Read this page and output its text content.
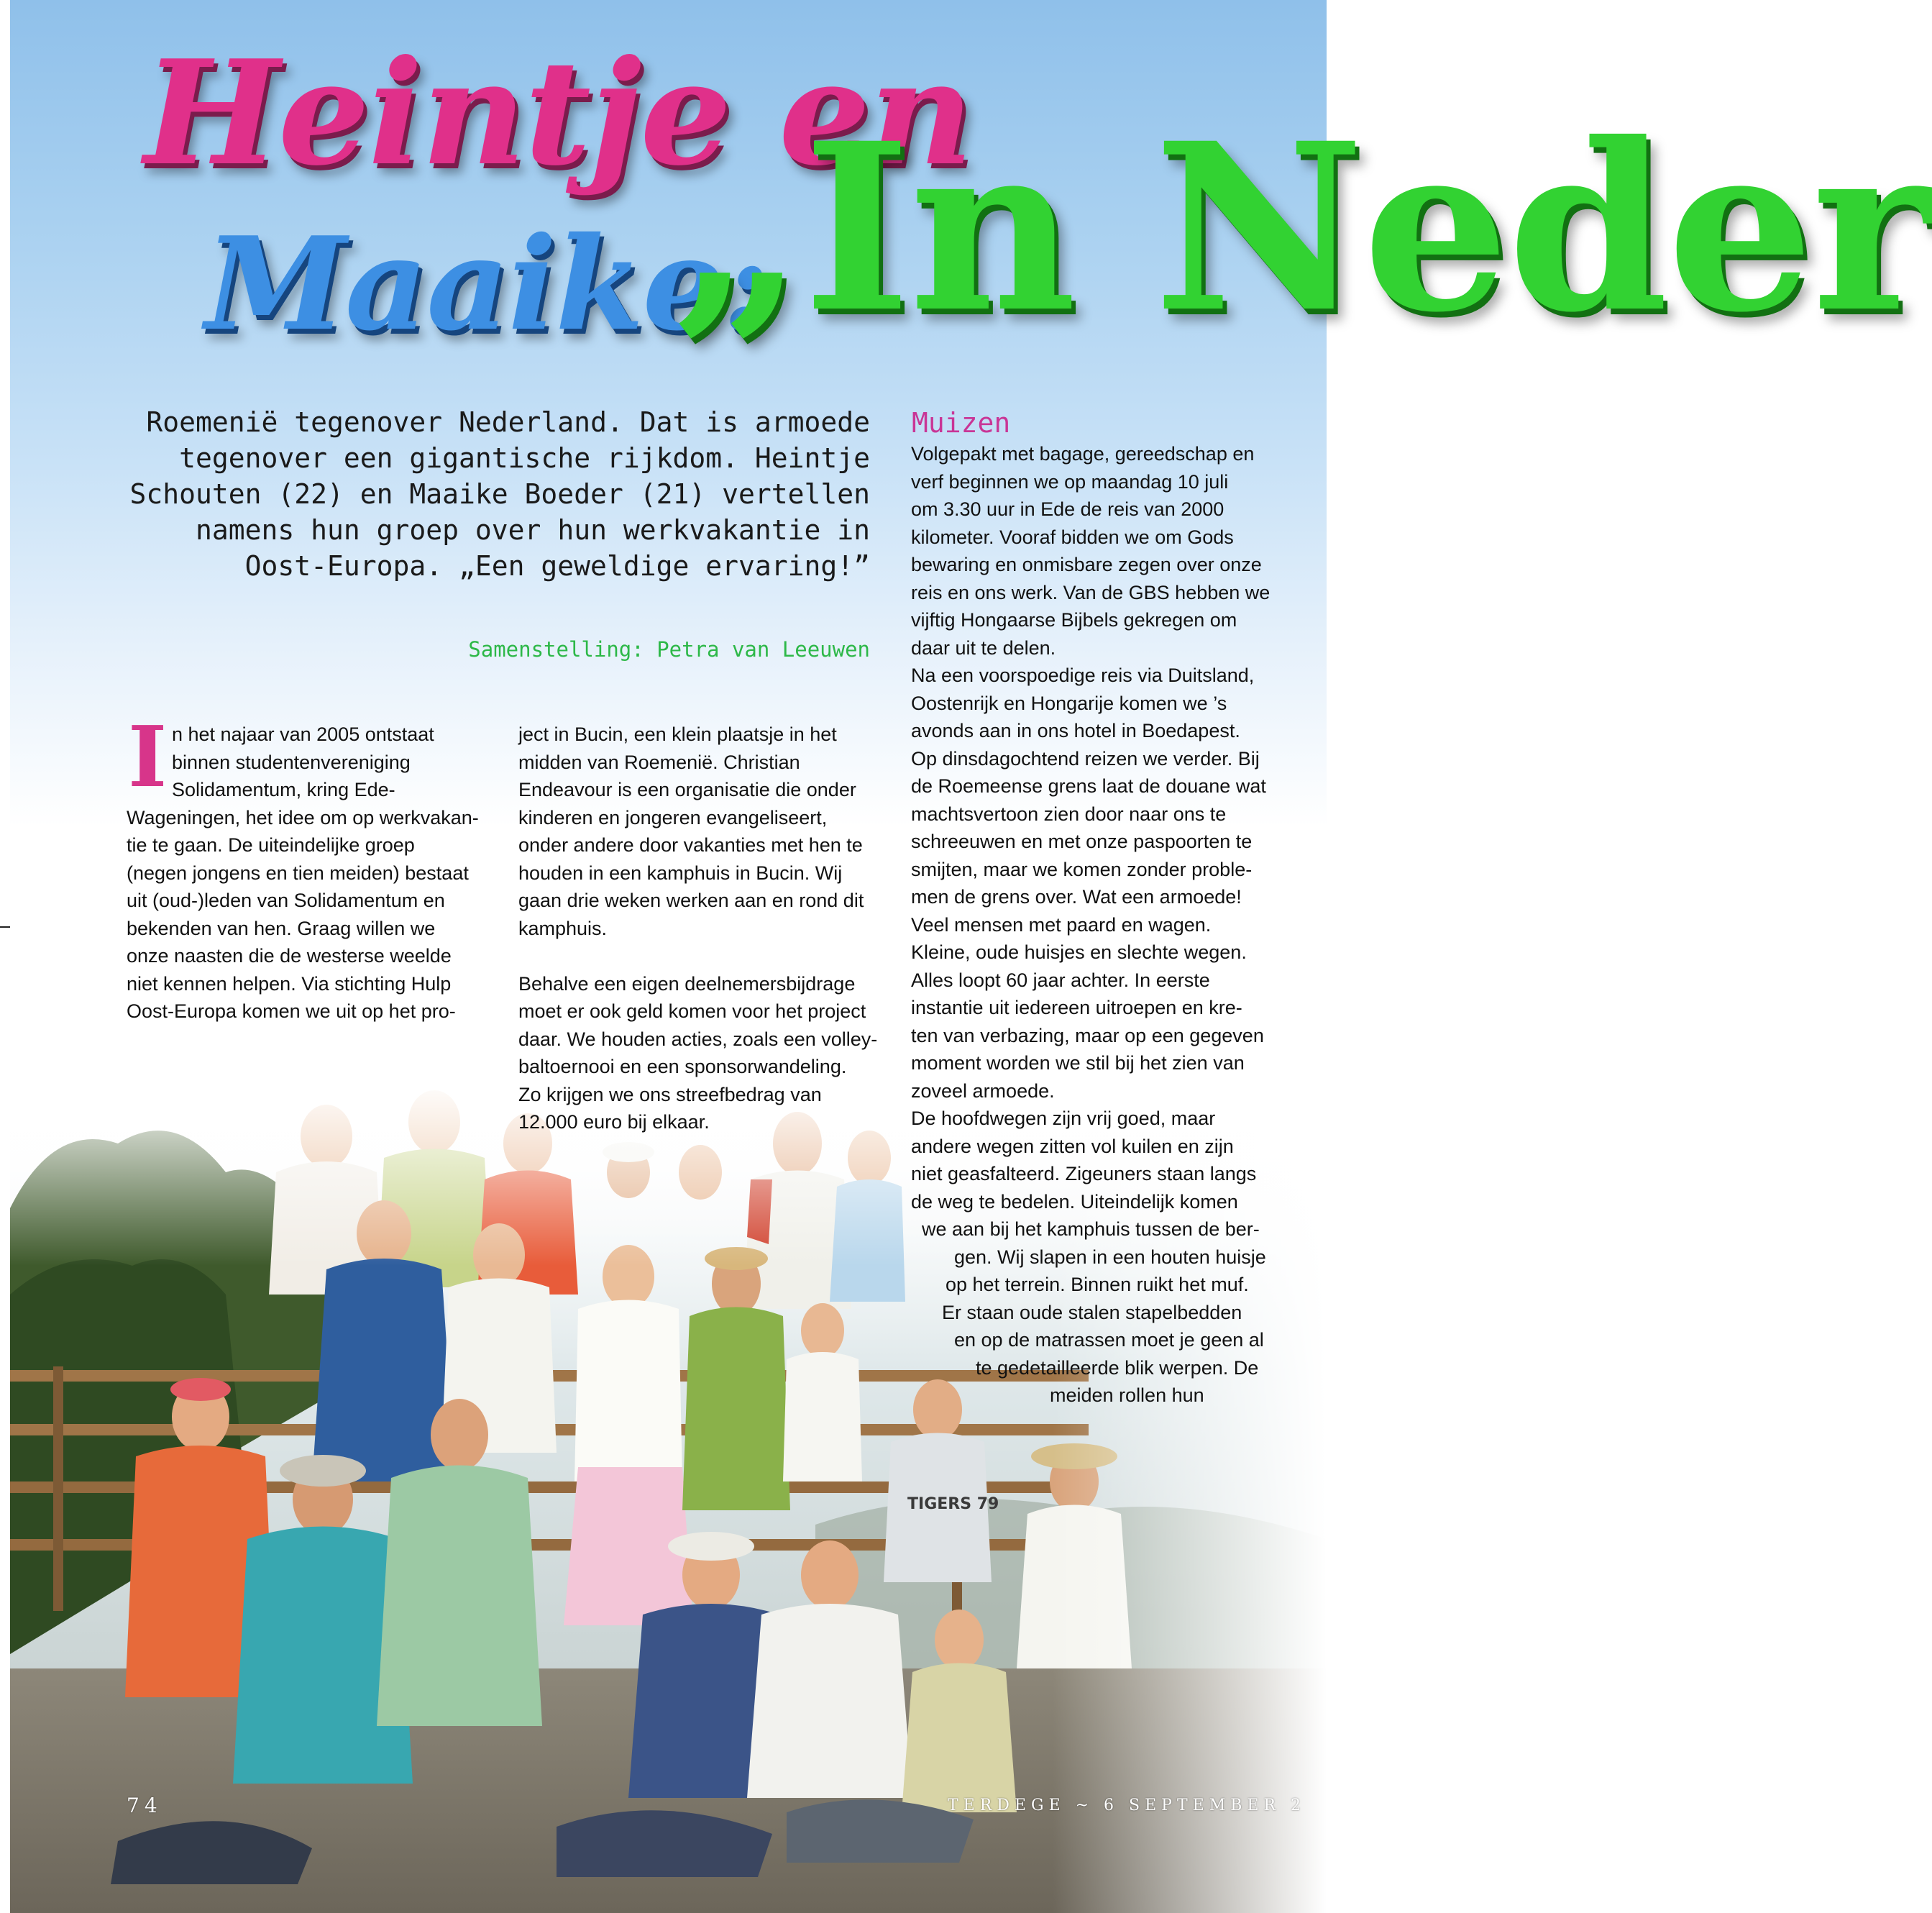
TIGERS 79
Heintje en
Maaike:
„In Neder
Roemenië tegenover Nederland. Dat is armoede
tegenover een gigantische rijkdom. Heintje
Schouten (22) en Maaike Boeder (21) vertellen
namens hun groep over hun werkvakantie in
Oost-Europa. „Een geweldige ervaring!”
Samenstelling: Petra van Leeuwen
I n het najaar van 2005 ontstaat
binnen studentenvereniging
Solidamentum, kring Ede-
Wageningen, het idee om op werkvakan-
tie te gaan. De uiteindelijke groep
(negen jongens en tien meiden) bestaat
uit (oud-)leden van Solidamentum en
bekenden van hen. Graag willen we
onze naasten die de westerse weelde
niet kennen helpen. Via stichting Hulp
Oost-Europa komen we uit op het pro-
ject in Bucin, een klein plaatsje in het
midden van Roemenië. Christian
Endeavour is een organisatie die onder
kinderen en jongeren evangeliseert,
onder andere door vakanties met hen te
houden in een kamphuis in Bucin. Wij
gaan drie weken werken aan en rond dit
kamphuis.
Behalve een eigen deelnemersbijdrage
moet er ook geld komen voor het project
daar. We houden acties, zoals een volley-
baltoernooi en een sponsorwandeling.
Zo krijgen we ons streefbedrag van
12.000 euro bij elkaar.
Muizen
Volgepakt met bagage, gereedschap en
verf beginnen we op maandag 10 juli
om 3.30 uur in Ede de reis van 2000
kilometer. Vooraf bidden we om Gods
bewaring en onmisbare zegen over onze
reis en ons werk. Van de GBS hebben we
vijftig Hongaarse Bijbels gekregen om
daar uit te delen.
Na een voorspoedige reis via Duitsland,
Oostenrijk en Hongarije komen we ’s
avonds aan in ons hotel in Boedapest.
Op dinsdagochtend reizen we verder. Bij
de Roemeense grens laat de douane wat
machtsvertoon zien door naar ons te
schreeuwen en met onze paspoorten te
smijten, maar we komen zonder proble-
men de grens over. Wat een armoede!
Veel mensen met paard en wagen.
Kleine, oude huisjes en slechte wegen.
Alles loopt 60 jaar achter. In eerste
instantie uit iedereen uitroepen en kre-
ten van verbazing, maar op een gegeven
moment worden we stil bij het zien van
zoveel armoede.
De hoofdwegen zijn vrij goed, maar
andere wegen zitten vol kuilen en zijn
niet geasfalteerd. Zigeuners staan langs
de weg te bedelen. Uiteindelijk komen
we aan bij het kamphuis tussen de ber-
gen. Wij slapen in een houten huisje
op het terrein. Binnen ruikt het muf.
Er staan oude stalen stapelbedden
en op de matrassen moet je geen al
te gedetailleerde blik werpen. De
meiden rollen hun
74	TERDEGE ~ 6 SEPTEMBER 2
